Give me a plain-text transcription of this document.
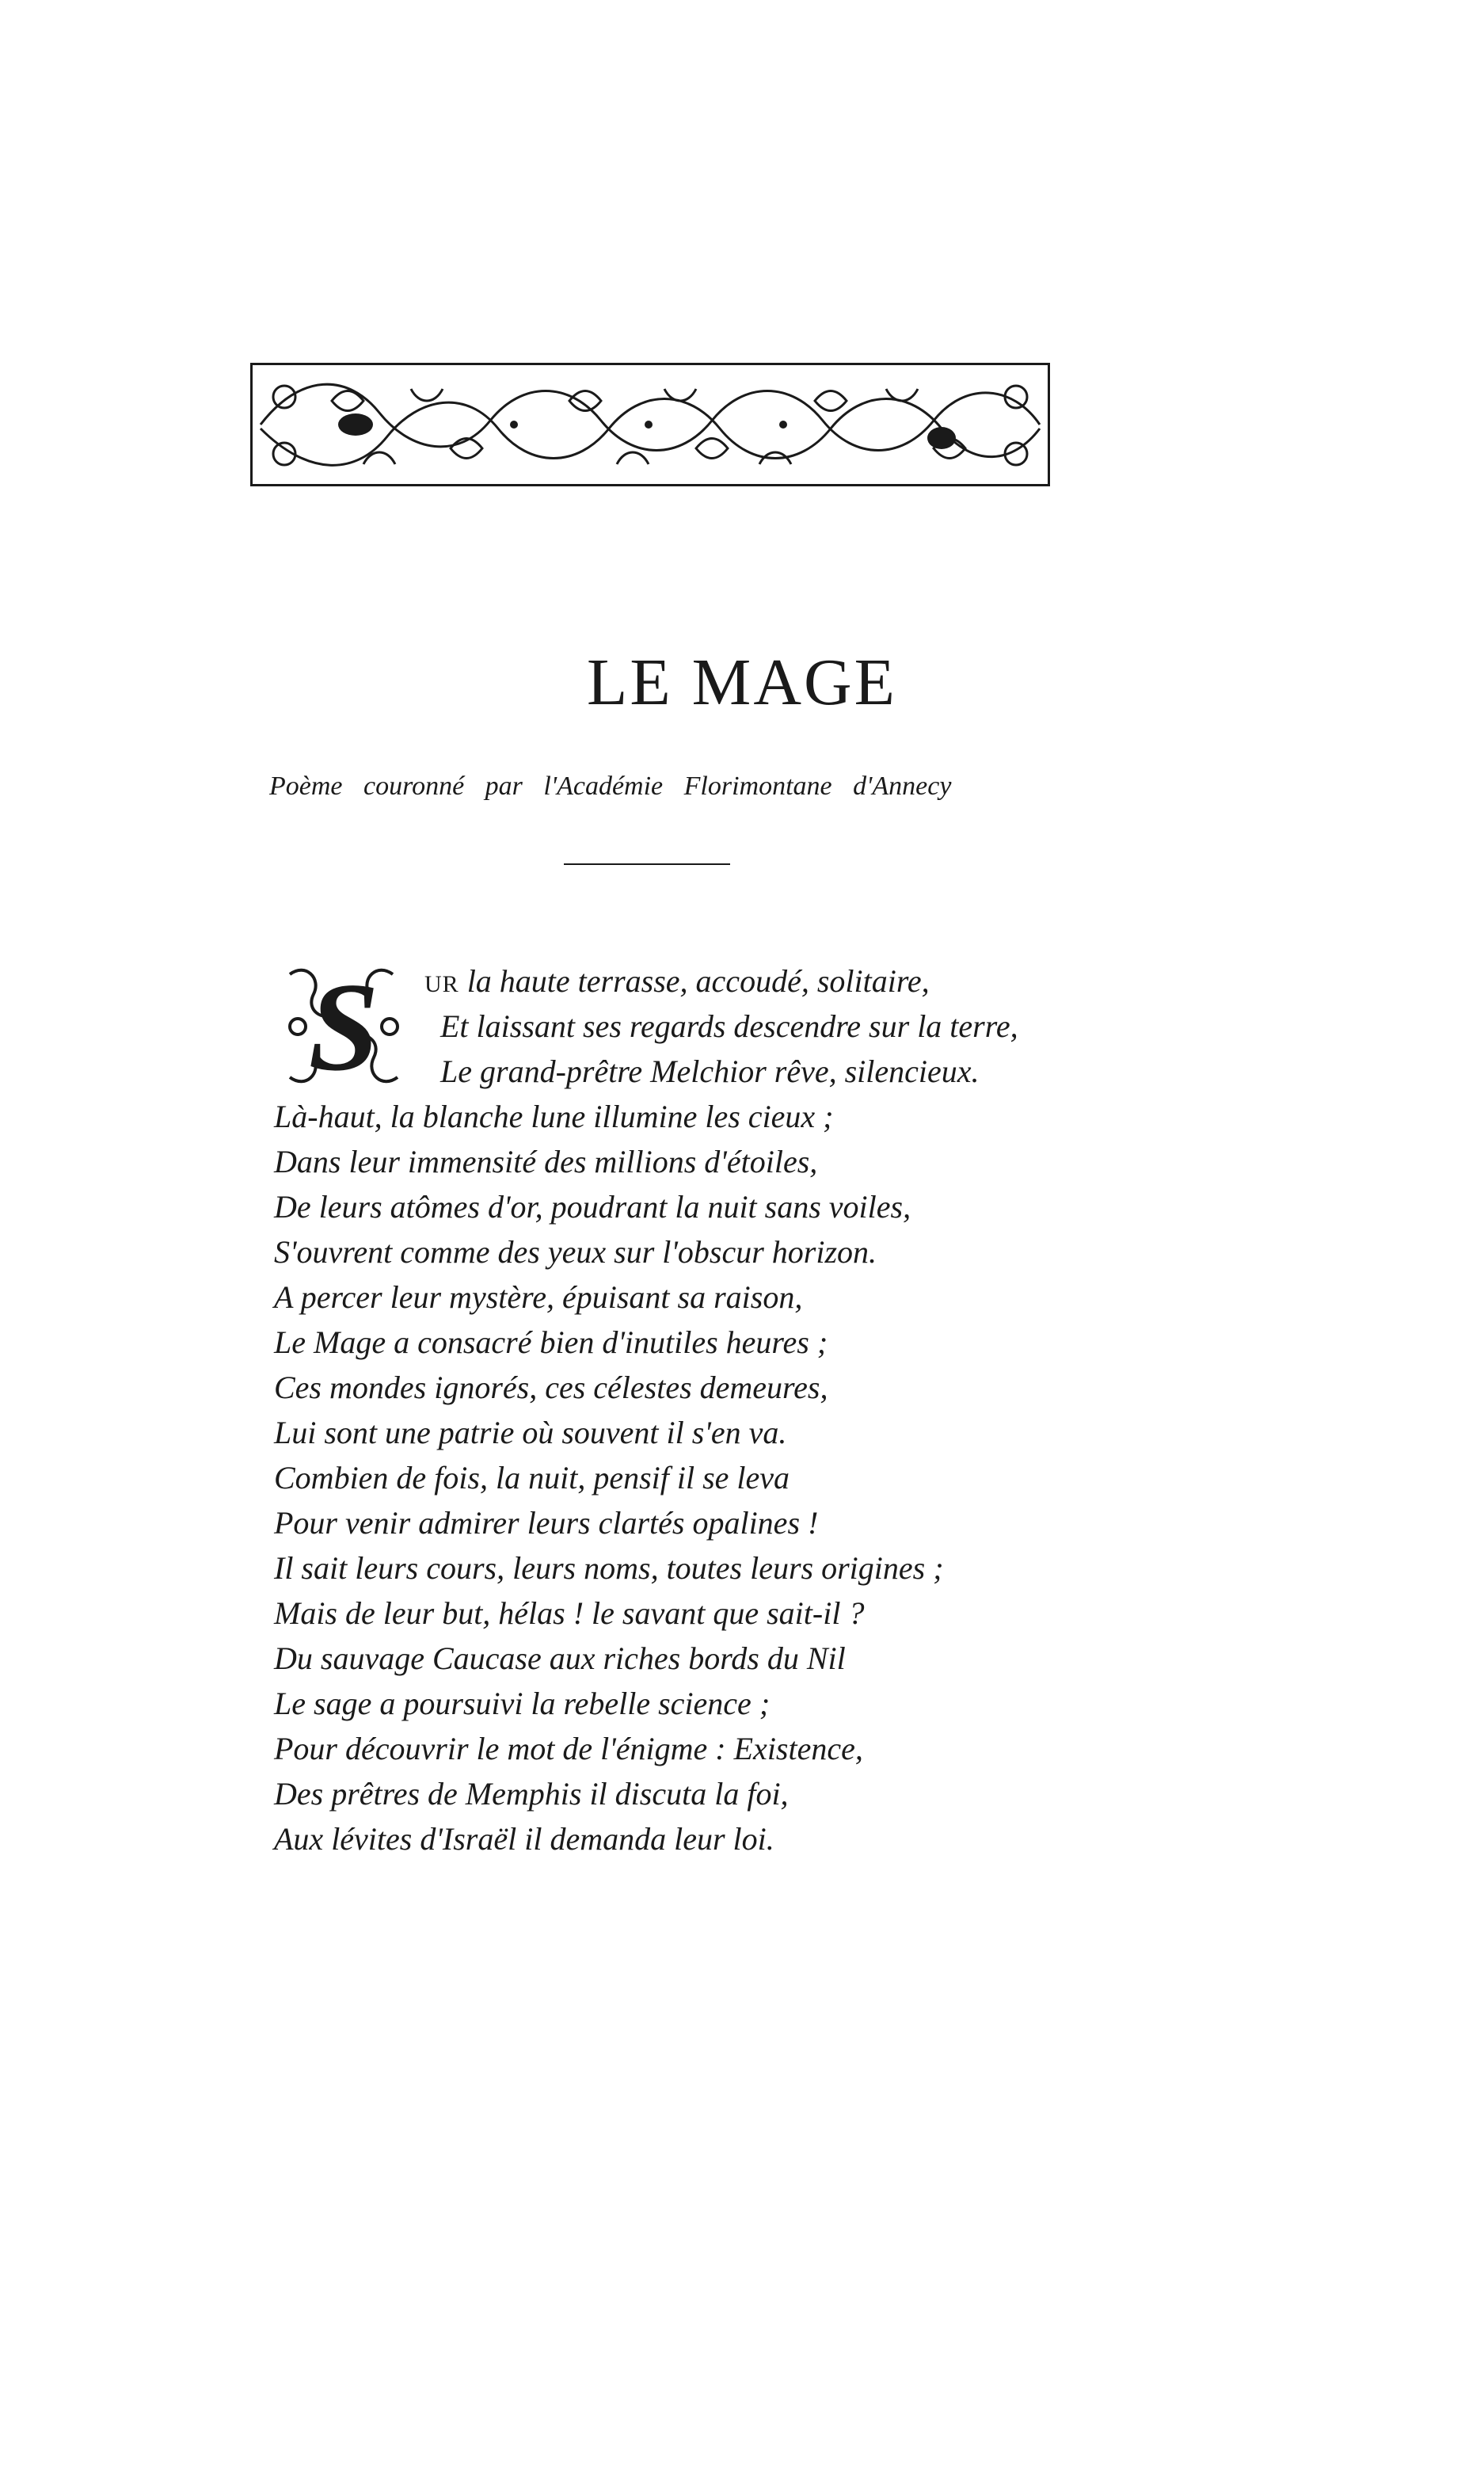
LE MAGE

Poème couronné par l'Académie Florimontane d'Annecy

S	UR la haute terrasse, accoudé, solitaire,
Et laissant ses regards descendre sur la terre,
Le grand-prêtre Melchior rêve, silencieux.
Là-haut, la blanche lune illumine les cieux ;
Dans leur immensité des millions d'étoiles,
De leurs atômes d'or, poudrant la nuit sans voiles,
S'ouvrent comme des yeux sur l'obscur horizon.
A percer leur mystère, épuisant sa raison,
Le Mage a consacré bien d'inutiles heures ;
Ces mondes ignorés, ces célestes demeures,
Lui sont une patrie où souvent il s'en va.
Combien de fois, la nuit, pensif il se leva
Pour venir admirer leurs clartés opalines !
Il sait leurs cours, leurs noms, toutes leurs origines ;
Mais de leur but, hélas ! le savant que sait-il ?
Du sauvage Caucase aux riches bords du Nil
Le sage a poursuivi la rebelle science ;
Pour découvrir le mot de l'énigme : Existence,
Des prêtres de Memphis il discuta la foi,
Aux lévites d'Israël il demanda leur loi.
